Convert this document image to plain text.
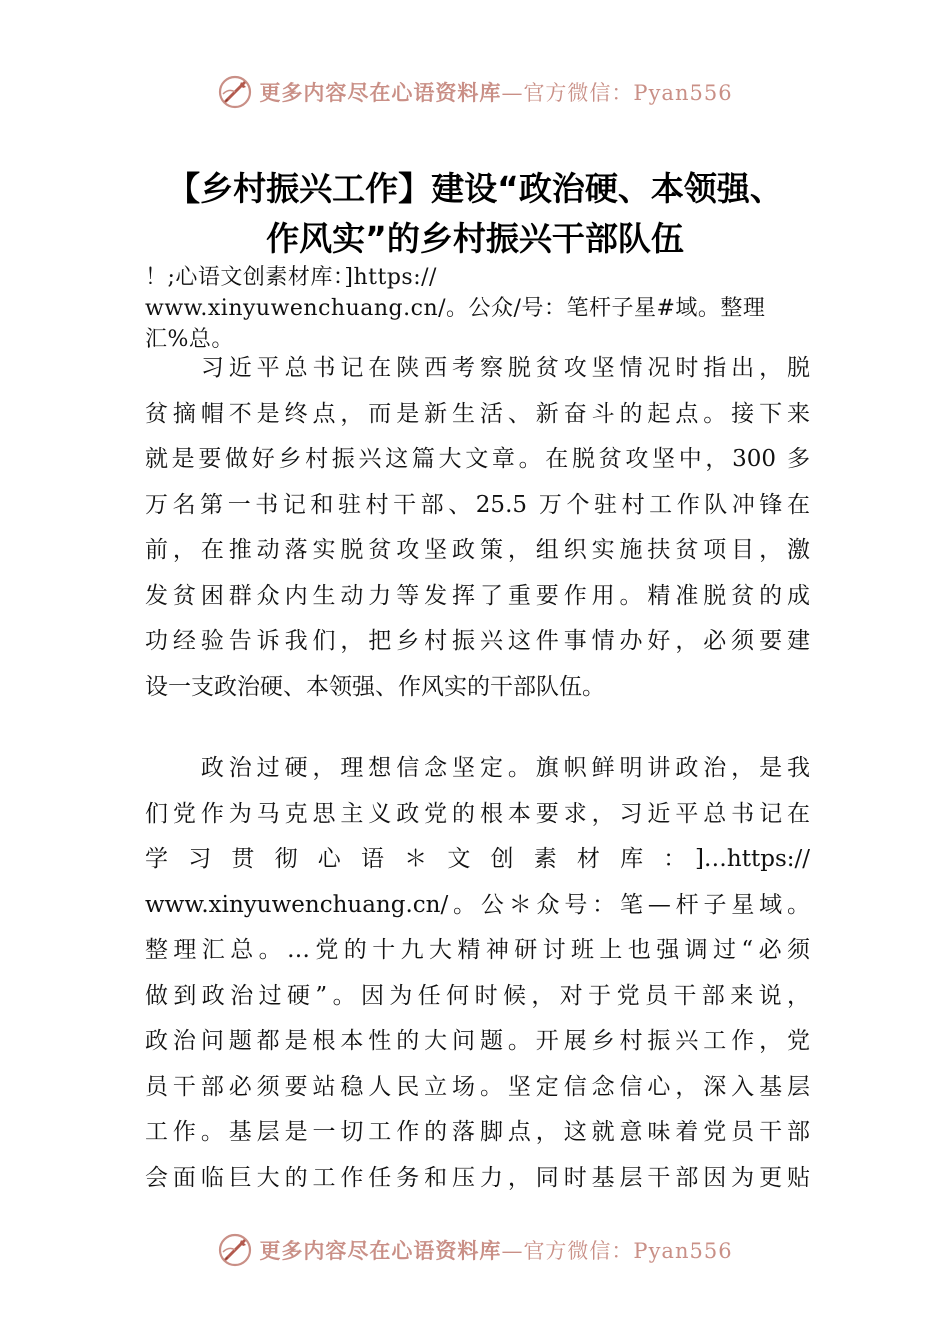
更多内容尽在心语资料库—官方微信：Pyan556
【乡村振兴工作】建设“政治硬、本领强、
作风实”的乡村振兴干部队伍
！;心语文创素材库：]https://
www.xinyuwenchuang.cn/。公众/号：笔杆子星#域。整理
汇%总。
　　习近平总书记在陕西考察脱贫攻坚情况时指出，脱
贫摘帽不是终点，而是新生活、新奋斗的起点。接下来
就是要做好乡村振兴这篇大文章。在脱贫攻坚中，300 多
万名第一书记和驻村干部、25.5 万个驻村工作队冲锋在
前，在推动落实脱贫攻坚政策，组织实施扶贫项目，激
发贫困群众内生动力等发挥了重要作用。精准脱贫的成
功经验告诉我们，把乡村振兴这件事情办好，必须要建
设一支政治硬、本领强、作风实的干部队伍。
　　政治过硬，理想信念坚定。旗帜鲜明讲政治，是我
们党作为马克思主义政党的根本要求，习近平总书记在
学习贯彻心语＊文创素材库：]…https://
www.xinyuwenchuang.cn/。公＊众号：笔—杆子星域。
整理汇总。…党的十九大精神研讨班上也强调过“必须
做到政治过硬”。因为任何时候，对于党员干部来说，
政治问题都是根本性的大问题。开展乡村振兴工作，党
员干部必须要站稳人民立场。坚定信念信心，深入基层
工作。基层是一切工作的落脚点，这就意味着党员干部
会面临巨大的工作任务和压力，同时基层干部因为更贴
更多内容尽在心语资料库—官方微信：Pyan556
